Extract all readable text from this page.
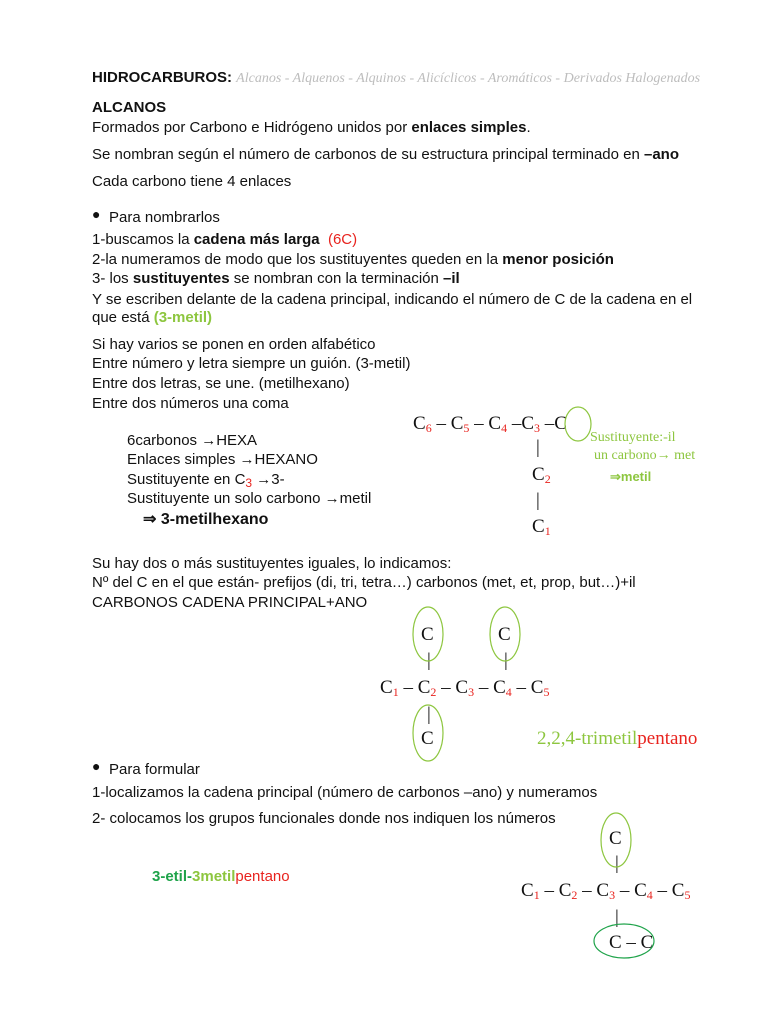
HIDROCARBUROS: Alcanos - Alquenos - Alquinos - Alicíclicos - Aromáticos - Derivados Halogenados
ALCANOS
Formados por Carbono e Hidrógeno unidos por enlaces simples.
Se nombran según el número de carbonos de su estructura principal terminado en –ano
Cada carbono tiene 4 enlaces
● Para nombrarlos
1-buscamos la cadena más larga (6C)
2-la numeramos de modo que los sustituyentes queden en la menor posición
3- los sustituyentes se nombran con la terminación –il
Y se escriben delante de la cadena principal, indicando el número de C de la cadena en el
que está (3-metil)
Si hay varios se ponen en orden alfabético
Entre número y letra siempre un guión. (3-metil)
Entre dos letras, se une. (metilhexano)
Entre dos números una coma
6carbonos →HEXA
Enlaces simples →HEXANO
Sustituyente en $C_3 \to 3-$
Sustituyente un solo carbono →metil
⇒ 3-metilhexano
$C_6 - C_5 - C_4$ $-C_3$ –C
|
$C_2$
|
$C_1$
Sustituyente:-il
un carbono→ met
⇒metil
Su hay dos o más sustituyentes iguales, lo indicamos:
Nº del C en el que están- prefijos (di, tri, tetra…) carbonos (met, et, prop, but…)+il
CARBONOS CADENA PRINCIPAL+ANO
C	C
|	|
$C_1 - C_2 - C_3 - C_4 - C_5$
|
C	2,2,4-trimetilpentano
● Para formular
1-localizamos la cadena principal (número de carbonos –ano) y numeramos
2- colocamos los grupos funcionales donde nos indiquen los números
3-etil-3metilpentano
C
|
$C_1 - C_2 - C_3 - C_4 - C_5$
|
C – C
